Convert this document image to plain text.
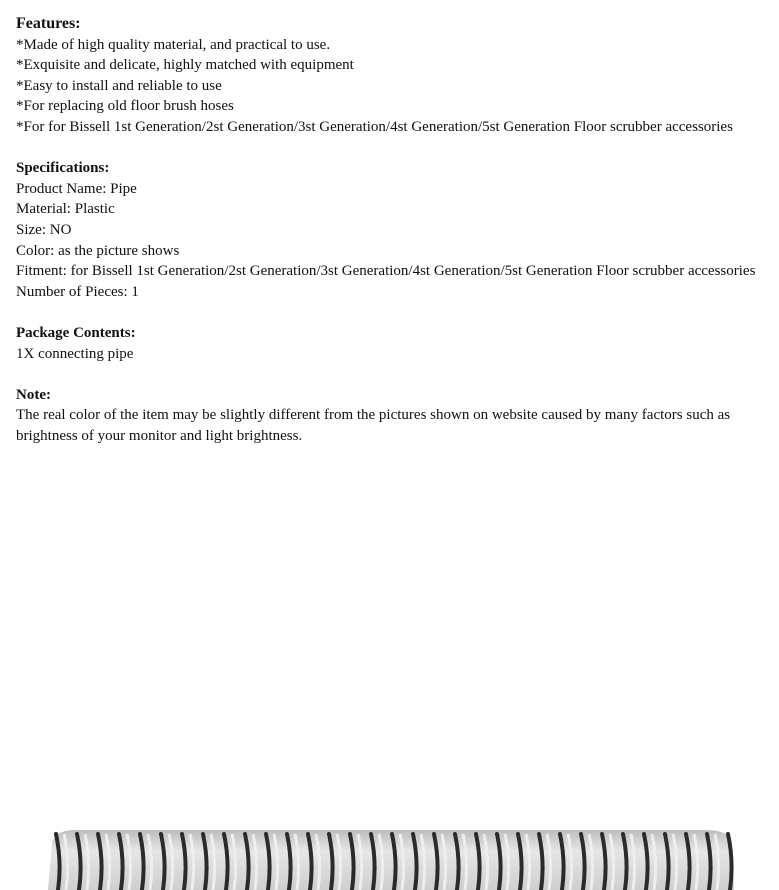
Features:
*Made of high quality material, and practical to use.
*Exquisite and delicate, highly matched with equipment
*Easy to install and reliable to use
*For replacing old floor brush hoses
*For for Bissell 1st Generation/2st Generation/3st Generation/4st Generation/5st Generation Floor scrubber accessories
Specifications:
Product Name: Pipe
Material: Plastic
Size: NO
Color: as the picture shows
Fitment: for Bissell 1st Generation/2st Generation/3st Generation/4st Generation/5st Generation Floor scrubber accessories
Number of Pieces: 1
Package Contents:
1X connecting pipe
Note:
The real color of the item may be slightly different from the pictures shown on website caused by many factors such as brightness of your monitor and light brightness.
